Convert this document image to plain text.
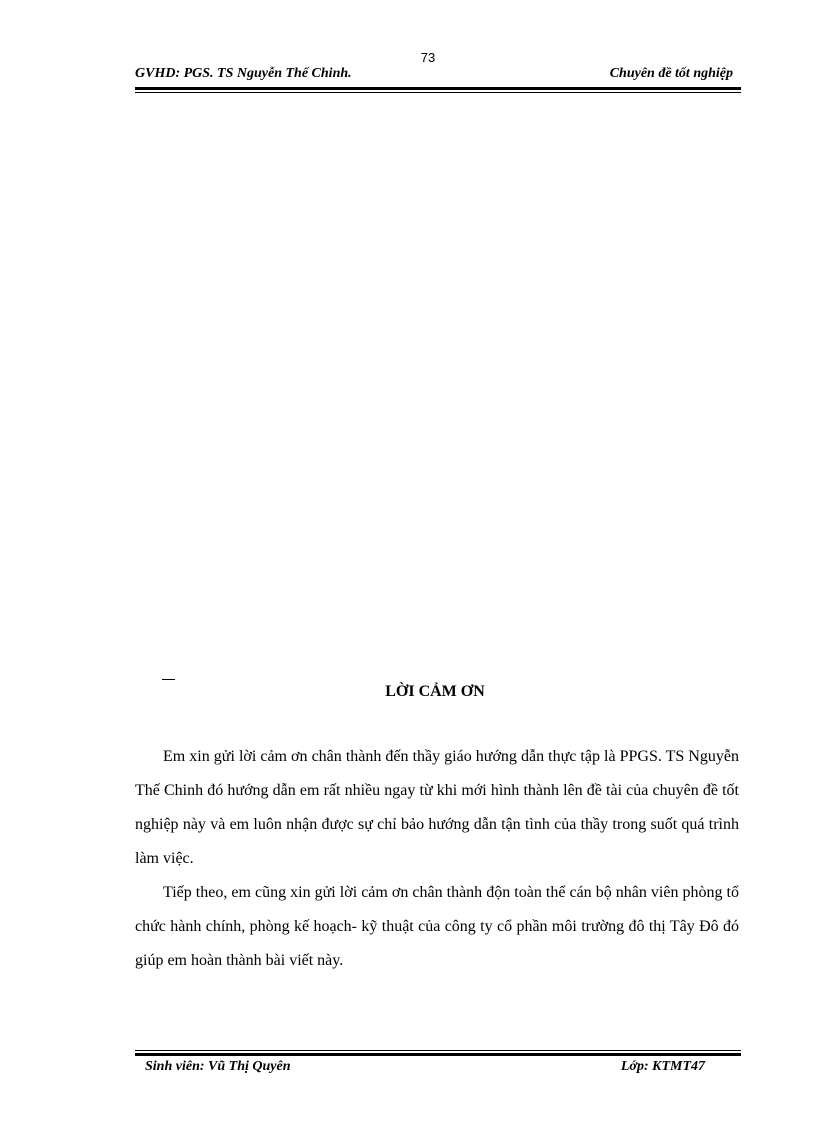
73
GVHD: PGS. TS Nguyễn Thế Chinh.	Chuyên đề tốt nghiệp
LỜI CẢM ƠN

Em xin gửi lời cảm ơn chân thành đến thầy giáo hướng dẫn thực tập là PPGS. TS Nguyễn Thế Chinh đó hướng dẫn em rất nhiều ngay từ khi mới hình thành lên đề tài của chuyên đề tốt nghiệp này và em luôn nhận được sự chỉ bảo hướng dẫn tận tình của thầy trong suốt quá trình làm việc.

Tiếp theo, em cũng xin gửi lời cảm ơn chân thành độn toàn thể cán bộ nhân viên phòng tổ chức hành chính, phòng kế hoạch- kỹ thuật của công ty cổ phần môi trường đô thị Tây Đô đó giúp em hoàn thành bài viết này.

Sinh viên: Vũ Thị Quyên	Lớp: KTMT47
